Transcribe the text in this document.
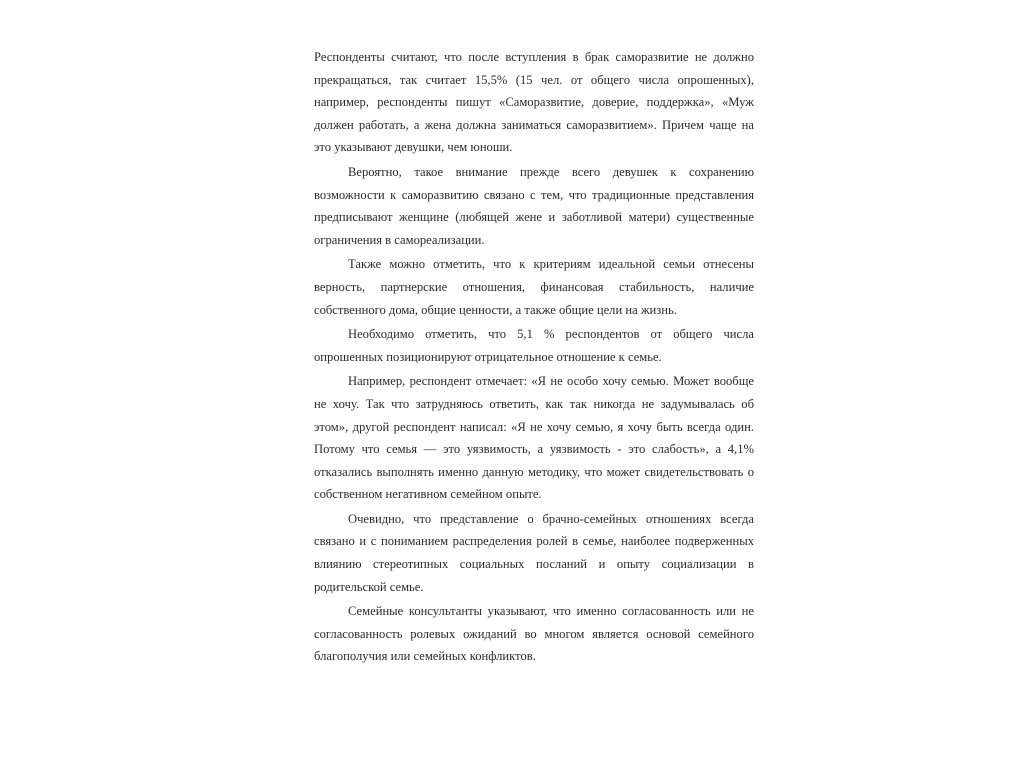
Респонденты считают, что после вступления в брак саморазвитие не должно прекращаться, так считает 15,5% (15 чел. от общего числа опрошенных), например, респонденты пишут «Саморазвитие, доверие, поддержка», «Муж должен работать, а жена должна заниматься саморазвитием». Причем чаще на это указывают девушки, чем юноши.

Вероятно, такое внимание прежде всего девушек к сохранению возможности к саморазвитию связано с тем, что традиционные представления предписывают женщине (любящей жене и заботливой матери) существенные ограничения в самореализации.

Также можно отметить, что к критериям идеальной семьи отнесены верность, партнерские отношения, финансовая стабильность, наличие собственного дома, общие ценности, а также общие цели на жизнь.

Необходимо отметить, что 5,1 % респондентов от общего числа опрошенных позиционируют отрицательное отношение к семье.

Например, респондент отмечает: «Я не особо хочу семью. Может вообще не хочу. Так что затрудняюсь ответить, как так никогда не задумывалась об этом», другой респондент написал: «Я не хочу семью, я хочу быть всегда один. Потому что семья — это уязвимость, а уязвимость - это слабость», а 4,1% отказались выполнять именно данную методику, что может свидетельствовать о собственном негативном семейном опыте.

Очевидно, что представление о брачно-семейных отношениях всегда связано и с пониманием распределения ролей в семье, наиболее подверженных влиянию стереотипных социальных посланий и опыту социализации в родительской семье.

Семейные консультанты указывают, что именно согласованность или не согласованность ролевых ожиданий во многом является основой семейного благополучия или семейных конфликтов.
